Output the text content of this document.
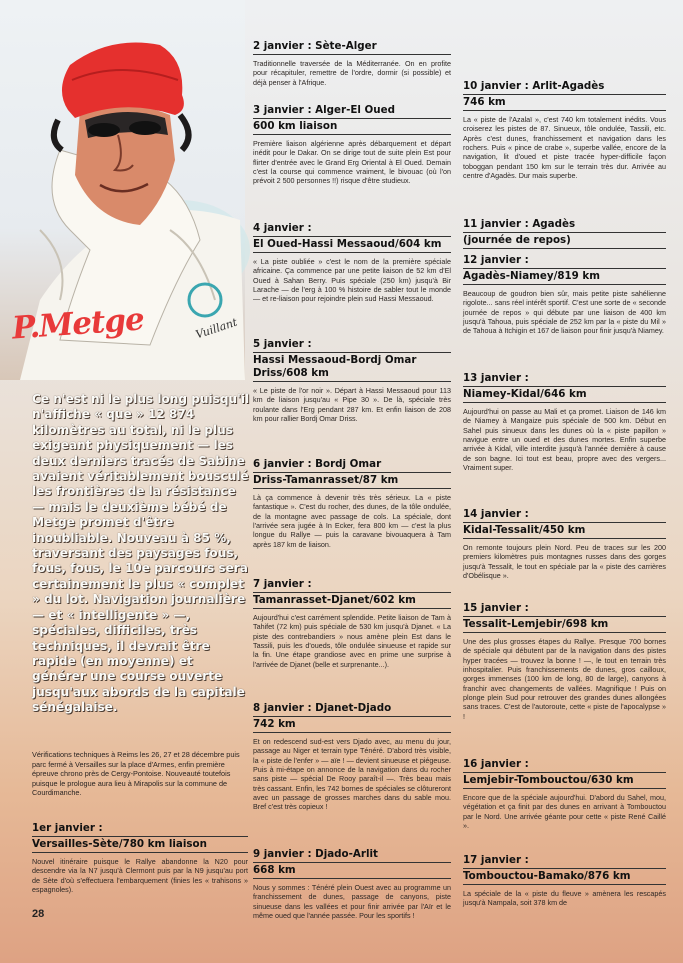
P.Metge	Vuillant
Ce n'est ni le plus long puisqu'il n'affiche « que » 12 874 kilomètres au total, ni le plus exigeant physiquement — les deux derniers tracés de Sabine avaient véritablement bousculé les frontières de la résistance — mais le deuxième bébé de Metge promet d'être inoubliable. Nouveau à 85 %, traversant des paysages fous, fous, fous, le 10e parcours sera certainement le plus « complet » du lot. Navigation journalière — et « intelligente » —, spéciales, difficiles, très techniques, il devrait être rapide (en moyenne) et générer une course ouverte jusqu'aux abords de la capitale sénégalaise.
Vérifications techniques à Reims les 26, 27 et 28 décembre puis parc fermé à Versailles sur la place d'Armes, enfin première épreuve chrono près de Cergy-Pontoise. Nouveauté toutefois puisque le prologue aura lieu à Mirapolis sur la commune de Courdimanche.
1er janvier :
Versailles-Sète/780 km liaison
Nouvel itinéraire puisque le Rallye abandonne la N20 pour descendre via la N7 jusqu'à Clermont puis par la N9 jusqu'au port de Sète d'où s'effectuera l'embarquement (finies les « trahisons » espagnoles).
28
2 janvier : Sète-Alger
Traditionnelle traversée de la Méditerranée. On en profite pour récapituler, remettre de l'ordre, dormir (si possible) et déjà penser à l'Afrique.
3 janvier : Alger-El Oued
600 km liaison
Première liaison algérienne après débarquement et départ inédit pour le Dakar. On se dirige tout de suite plein Est pour flirter d'entrée avec le Grand Erg Oriental à El Oued. Demain c'est la course qui commence vraiment, le bivouac (où l'on prévoit 2 500 personnes !!) risque d'être studieux.
4 janvier :
El Oued-Hassi Messaoud/604 km
« La piste oubliée » c'est le nom de la première spéciale africaine. Ça commence par une petite liaison de 52 km d'El Oued à Sahan Berry. Puis spéciale (250 km) jusqu'à Bir Larache — de l'erg à 100 % histoire de sabler tout le monde — et re-liaison pour rejoindre plein sud Hassi Messaoud.
5 janvier :
Hassi Messaoud-Bordj Omar Driss/608 km
« Le piste de l'or noir ». Départ à Hassi Messaoud pour 113 km de liaison jusqu'au « Pipe 30 ». De là, spéciale très roulante dans l'Erg pendant 287 km. Et enfin liaison de 208 km pour rallier Bordj Omar Driss.
6 janvier : Bordj Omar
Driss-Tamanrasset/87 km
Là ça commence à devenir très très sérieux. La « piste fantastique ». C'est du rocher, des dunes, de la tôle ondulée, de la montagne avec passage de cols. La spéciale, dont l'arrivée sera jugée à In Ecker, fera 800 km — c'est la plus longue du Rallye — puis la caravane bivouaquera à Tam après 187 km de liaison.
7 janvier :
Tamanrasset-Djanet/602 km
Aujourd'hui c'est carrément splendide. Petite liaison de Tam à Tahifet (72 km) puis spéciale de 530 km jusqu'à Djanet. « La piste des contrebandiers » nous amène plein Est dans le Tassili, puis les d'oueds, tôle ondulée sinueuse et rapide sur la fin. Une étape grandiose avec en prime une surprise à l'arrivée de Djanet (belle et surprenante...).
8 janvier : Djanet-Djado
742 km
Et on redescend sud-est vers Djado avec, au menu du jour, passage au Niger et terrain type Ténéré. D'abord très visible, la « piste de l'enfer » — aïe ! — devient sinueuse et piégeuse. Puis à mi-étape on annonce de la navigation dans du rocher sans piste — spécial De Rooy paraît-il —. Très beau mais très cassant. Enfin, les 742 bornes de spéciales se clôtureront avec un passage de grosses marches dans du sable mou. Bref c'est très copieux !
9 janvier : Djado-Arlit
668 km
Nous y sommes : Ténéré plein Ouest avec au programme un franchissement de dunes, passage de canyons, piste sinueuse dans les vallées et pour finir arrivée par l'Aïr et le même oued que l'année passée. Pour les sportifs !
10 janvier : Arlit-Agadès
746 km
La « piste de l'Azalaï », c'est 740 km totalement inédits. Vous croiserez les pistes de 87. Sinueux, tôle ondulée, Tassili, etc. Après c'est dunes, franchissement et navigation dans les rochers. Puis « pince de crabe », superbe vallée, encore de la navigation, lit d'oued et piste tracée hyper-difficile façon toboggan pendant 150 km sur le terrain très dur. Arrivée au centre d'Agadès. Dur mais superbe.
11 janvier : Agadès
(journée de repos)
12 janvier :
Agadès-Niamey/819 km
Beaucoup de goudron bien sûr, mais petite piste sahélienne rigolote... sans réel intérêt sportif. C'est une sorte de « seconde journée de repos » qui débute par une liaison de 400 km jusqu'à Tahoua, puis spéciale de 252 km par la « piste du Mil » de Tahoua à Itchigin et 167 de liaison pour finir jusqu'à Niamey.
13 janvier :
Niamey-Kidal/646 km
Aujourd'hui on passe au Mali et ça promet. Liaison de 146 km de Niamey à Mangaize puis spéciale de 500 km. Début en Sahel puis sinueux dans les dunes où la « piste papillon » navigue entre un oued et des dunes mortes. Enfin superbe arrivée à Kidal, ville interdite jusqu'à l'année dernière à cause de son bagne. Ici tout est beau, propre avec des vergers... Vraiment super.
14 janvier :
Kidal-Tessalit/450 km
On remonte toujours plein Nord. Peu de traces sur les 200 premiers kilomètres puis montagnes russes dans des gorges jusqu'à Tessalit, le tout en spéciale par la « piste des carrières d'Obélisque ».
15 janvier :
Tessalit-Lemjebir/698 km
Une des plus grosses étapes du Rallye. Presque 700 bornes de spéciale qui débutent par de la navigation dans des pistes hyper tracées — trouvez la bonne ! —, le tout en terrain très inhospitalier. Puis franchissements de dunes, gros cailloux, gorges immenses (100 km de long, 80 de large), canyons à franchir avec changements de vallées. Magnifique ! Puis on plonge plein Sud pour retrouver des grandes dunes allongées sans traces. C'est de l'autoroute, cette « piste de l'apocalypse » !
16 janvier :
Lemjebir-Tombouctou/630 km
Encore que de la spéciale aujourd'hui. D'abord du Sahel, mou, végétation et ça finit par des dunes en arrivant à Tombouctou par le Nord. Une arrivée géante pour cette « piste René Caillé ».
17 janvier :
Tombouctou-Bamako/876 km
La spéciale de la « piste du fleuve » amènera les rescapés jusqu'à Nampala, soit 378 km de
